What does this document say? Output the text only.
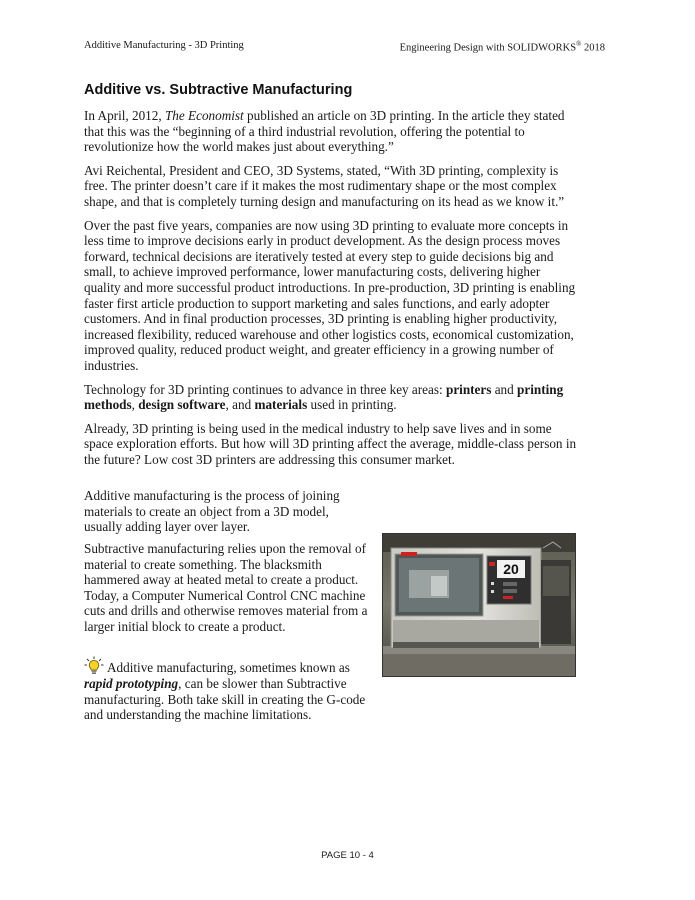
Additive Manufacturing - 3D Printing	Engineering Design with SOLIDWORKS® 2018
Additive vs. Subtractive Manufacturing

In April, 2012, The Economist published an article on 3D printing. In the article they stated that this was the “beginning of a third industrial revolution, offering the potential to revolutionize how the world makes just about everything.”

Avi Reichental, President and CEO, 3D Systems, stated, “With 3D printing, complexity is free. The printer doesn’t care if it makes the most rudimentary shape or the most complex shape, and that is completely turning design and manufacturing on its head as we know it.”

Over the past five years, companies are now using 3D printing to evaluate more concepts in less time to improve decisions early in product development. As the design process moves forward, technical decisions are iteratively tested at every step to guide decisions big and small, to achieve improved performance, lower manufacturing costs, delivering higher quality and more successful product introductions. In pre-production, 3D printing is enabling faster first article production to support marketing and sales functions, and early adopter customers. And in final production processes, 3D printing is enabling higher productivity, increased flexibility, reduced warehouse and other logistics costs, economical customization, improved quality, reduced product weight, and greater efficiency in a growing number of industries.

Technology for 3D printing continues to advance in three key areas: printers and printing methods, design software, and materials used in printing.

Already, 3D printing is being used in the medical industry to help save lives and in some space exploration efforts. But how will 3D printing affect the average, middle-class person in the future? Low cost 3D printers are addressing this consumer market.

Additive manufacturing is the process of joining materials to create an object from a 3D model, usually adding layer over layer.

Subtractive manufacturing relies upon the removal of material to create something. The blacksmith hammered away at heated metal to create a product. Today, a Computer Numerical Control CNC machine cuts and drills and otherwise removes material from a larger initial block to create a product.

Additive manufacturing, sometimes known as rapid prototyping, can be slower than Subtractive manufacturing. Both take skill in creating the G-code and understanding the machine limitations.

20
PAGE 10 - 4
